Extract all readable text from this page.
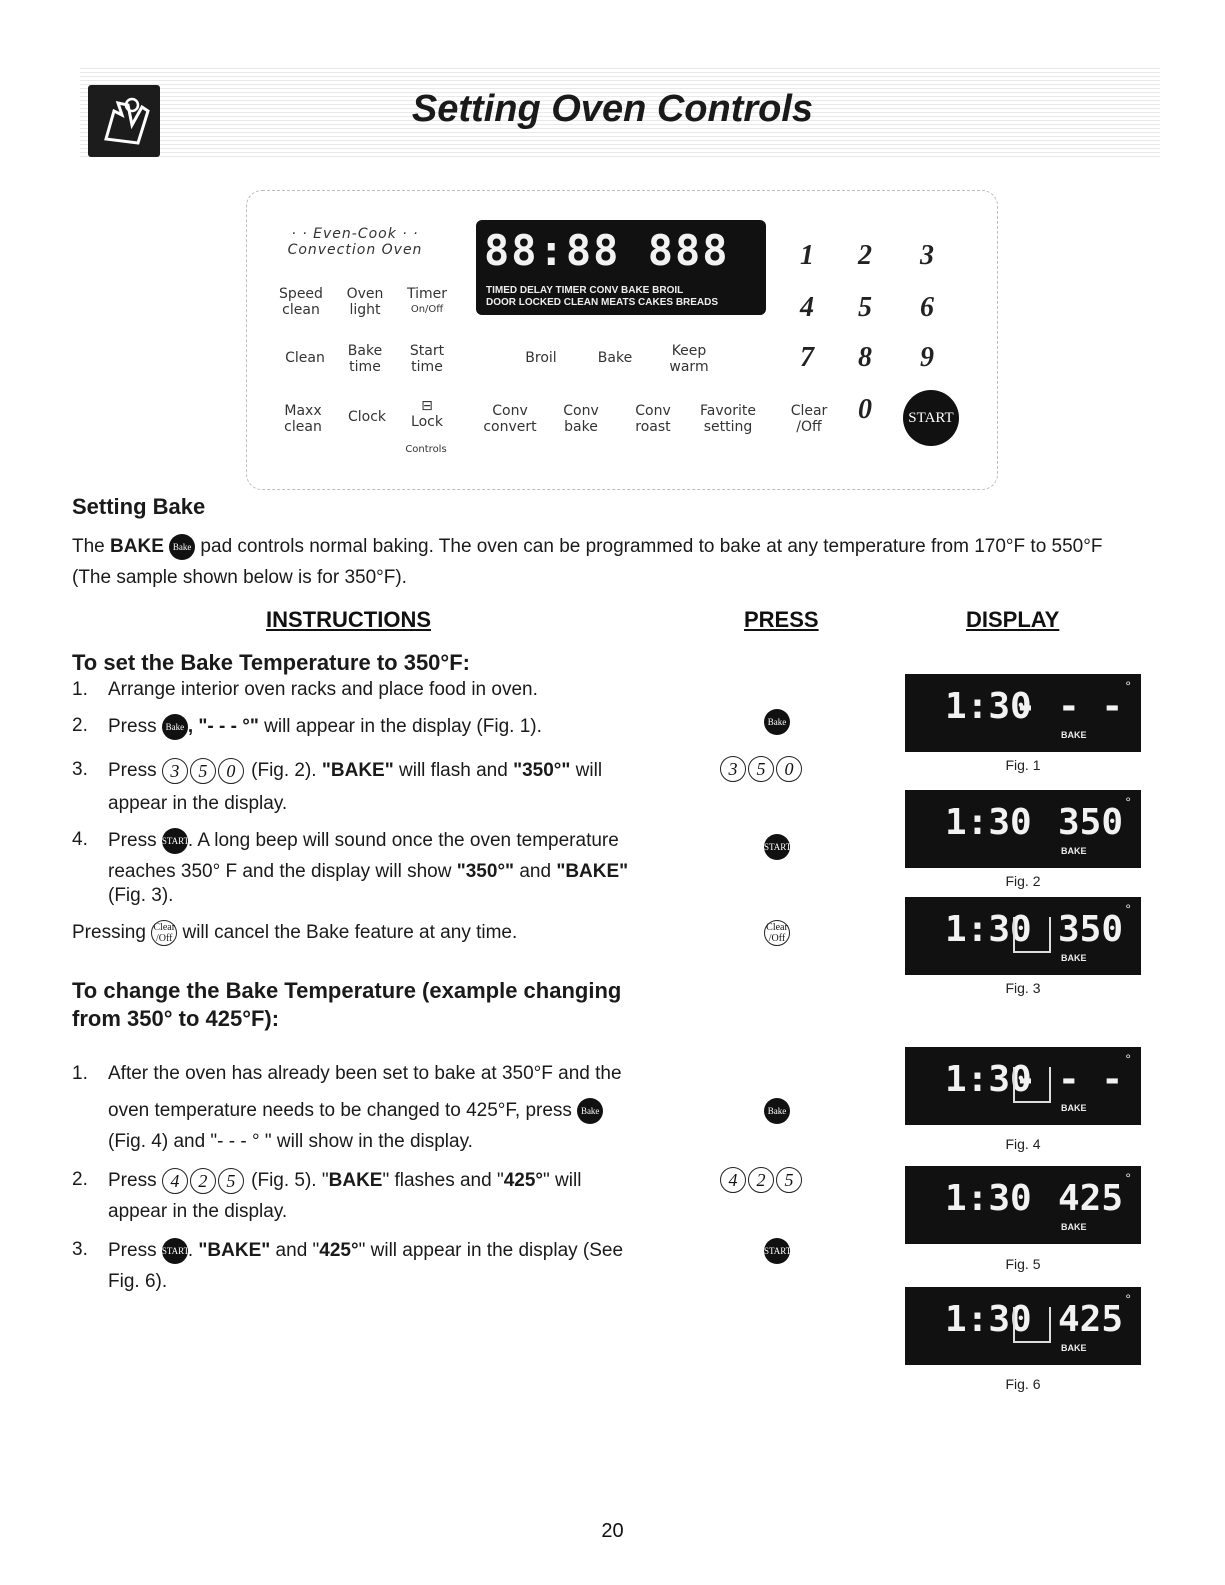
Setting Oven Controls
· · Even-Cook · ·
Convection Oven
Speed
clean
Oven
light
Timer
On/Off
Clean	Bake
time
Start
time
Maxx
clean
Clock
⊟
Lock
Controls
88:88 888
TIMED DELAY TIMER CONV BAKE BROIL
DOOR LOCKED CLEAN MEATS CAKES BREADS
Broil	Bake	Keep
warm
Conv
convert
Conv
bake
Conv
roast
Favorite
setting
Clear
/Off
1 2 3
4 5 6
7 8 9
0	START
Setting Bake
The BAKE Bake pad controls normal baking. The oven can be programmed to bake at any temperature from 170°F to 550°F
(The sample shown below is for 350°F).
INSTRUCTIONS	PRESS	DISPLAY
To set the Bake Temperature to 350°F:
1. Arrange interior oven racks and place food in oven.
2. Press Bake , "- - - °" will appear in the display (Fig. 1).
3. Press 3 5 0 (Fig. 2). "BAKE" will flash and "350°" will
appear in the display.
4. Press START. A long beep will sound once the oven temperature
reaches 350° F and the display will show "350°" and "BAKE"
(Fig. 3).
Pressing Clear
/Off will cancel the Bake feature at any time.
To change the Bake Temperature (example changing
from 350° to 425°F):
1. After the oven has already been set to bake at 350°F and the
oven temperature needs to be changed to 425°F, press Bake
(Fig. 4) and "- - - ° " will show in the display.
2. Press 4 2 5 (Fig. 5). "BAKE" flashes and "425°" will
appear in the display.
3. Press START. "BAKE" and "425°" will appear in the display (See
Fig. 6).
Bake
3 5 0
START
Clear
/Off
Bake
4 2 5
START
1:30
- - - °
BAKE
Fig. 1
1:30 350 °
BAKE
Fig. 2
1:30 350 °
BAKE
Fig. 3
1:30
- - - °
BAKE
Fig. 4
1:30 425 °
BAKE
Fig. 5
1:30 425 °
BAKE
Fig. 6
20
